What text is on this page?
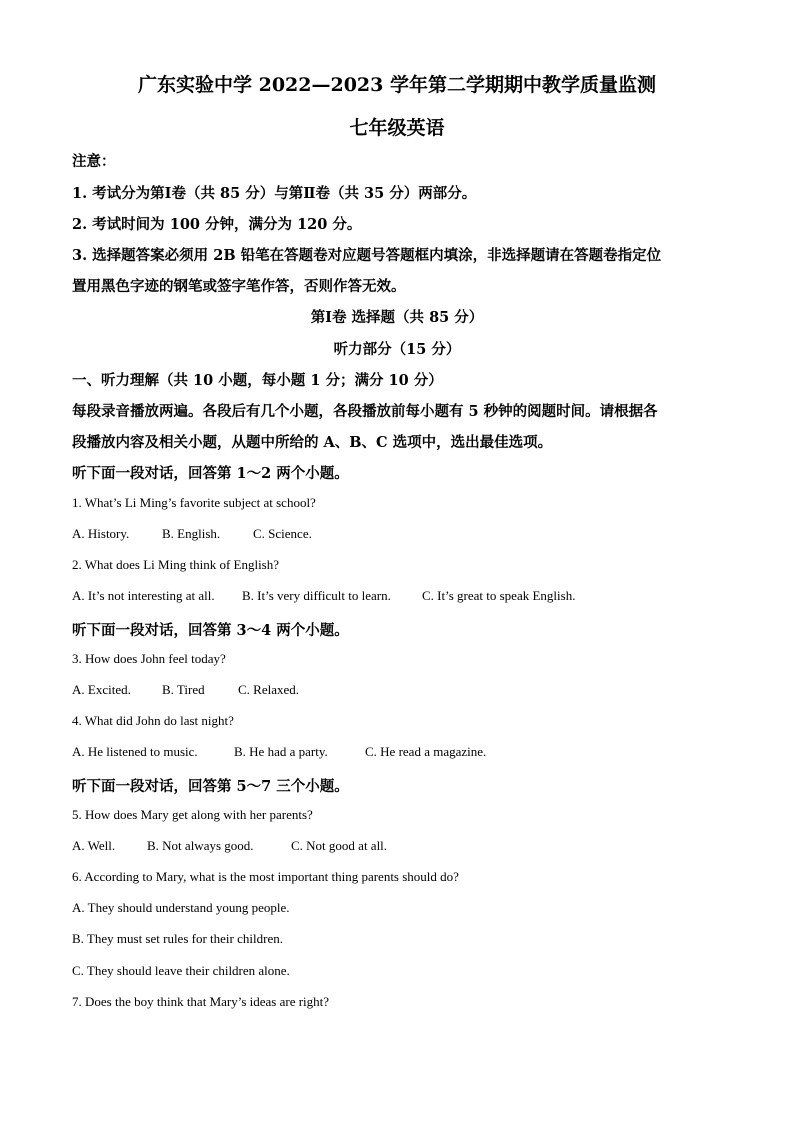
广东实验中学 2022—2023 学年第二学期期中教学质量监测
七年级英语
注意：
1. 考试分为第Ⅰ卷（共 85 分）与第Ⅱ卷（共 35 分）两部分。
2. 考试时间为 100 分钟，满分为 120 分。
3. 选择题答案必须用 2B 铅笔在答题卷对应题号答题框内填涂，非选择题请在答题卷指定位
置用黑色字迹的钢笔或签字笔作答，否则作答无效。
第Ⅰ卷 选择题（共 85 分）
听力部分（15 分）
一、听力理解（共 10 小题，每小题 1 分；满分 10 分）
每段录音播放两遍。各段后有几个小题，各段播放前每小题有 5 秒钟的阅题时间。请根据各
段播放内容及相关小题，从题中所给的 A、B、C 选项中，选出最佳选项。
听下面一段对话，回答第 1～2 两个小题。
1. What’s Li Ming’s favorite subject at school?
A. History.	B. English.	C. Science.
2. What does Li Ming think of English?
A. It’s not interesting at all. B. It’s very difficult to learn. C. It’s great to speak English.
听下面一段对话，回答第 3～4 两个小题。
3. How does John feel today?
A. Excited. B. Tired	C. Relaxed.
4. What did John do last night?
A. He listened to music.	B. He had a party.	C. He read a magazine.
听下面一段对话，回答第 5～7 三个小题。
5. How does Mary get along with her parents?
A. Well. B. Not always good.	C. Not good at all.
6. According to Mary, what is the most important thing parents should do?
A. They should understand young people.
B. They must set rules for their children.
C. They should leave their children alone.
7. Does the boy think that Mary’s ideas are right?
